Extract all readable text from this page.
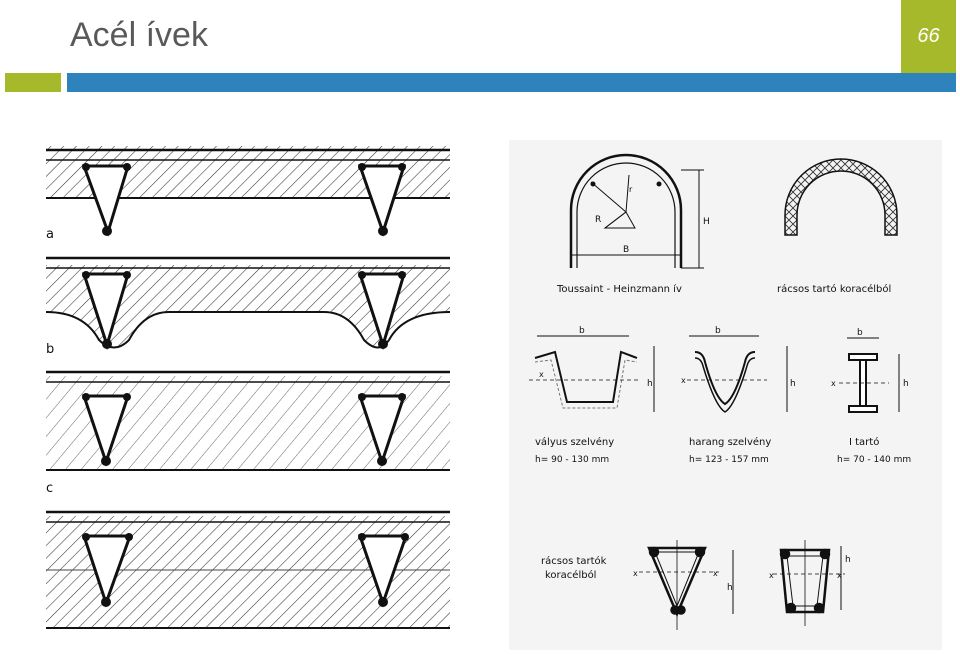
Acél ívek	66
a
b
c
B
H
R
r
Toussaint - Heinzmann ív	rácsos tartó koracélból
b
h
x
b
h
x
b
h
x
vályus szelvény
h= 90 - 130 mm
harang szelvény
h= 123 - 157 mm
I tartó
h= 70 - 140 mm
rácsos tartók
koracélból	x	x
h
x	x
h
